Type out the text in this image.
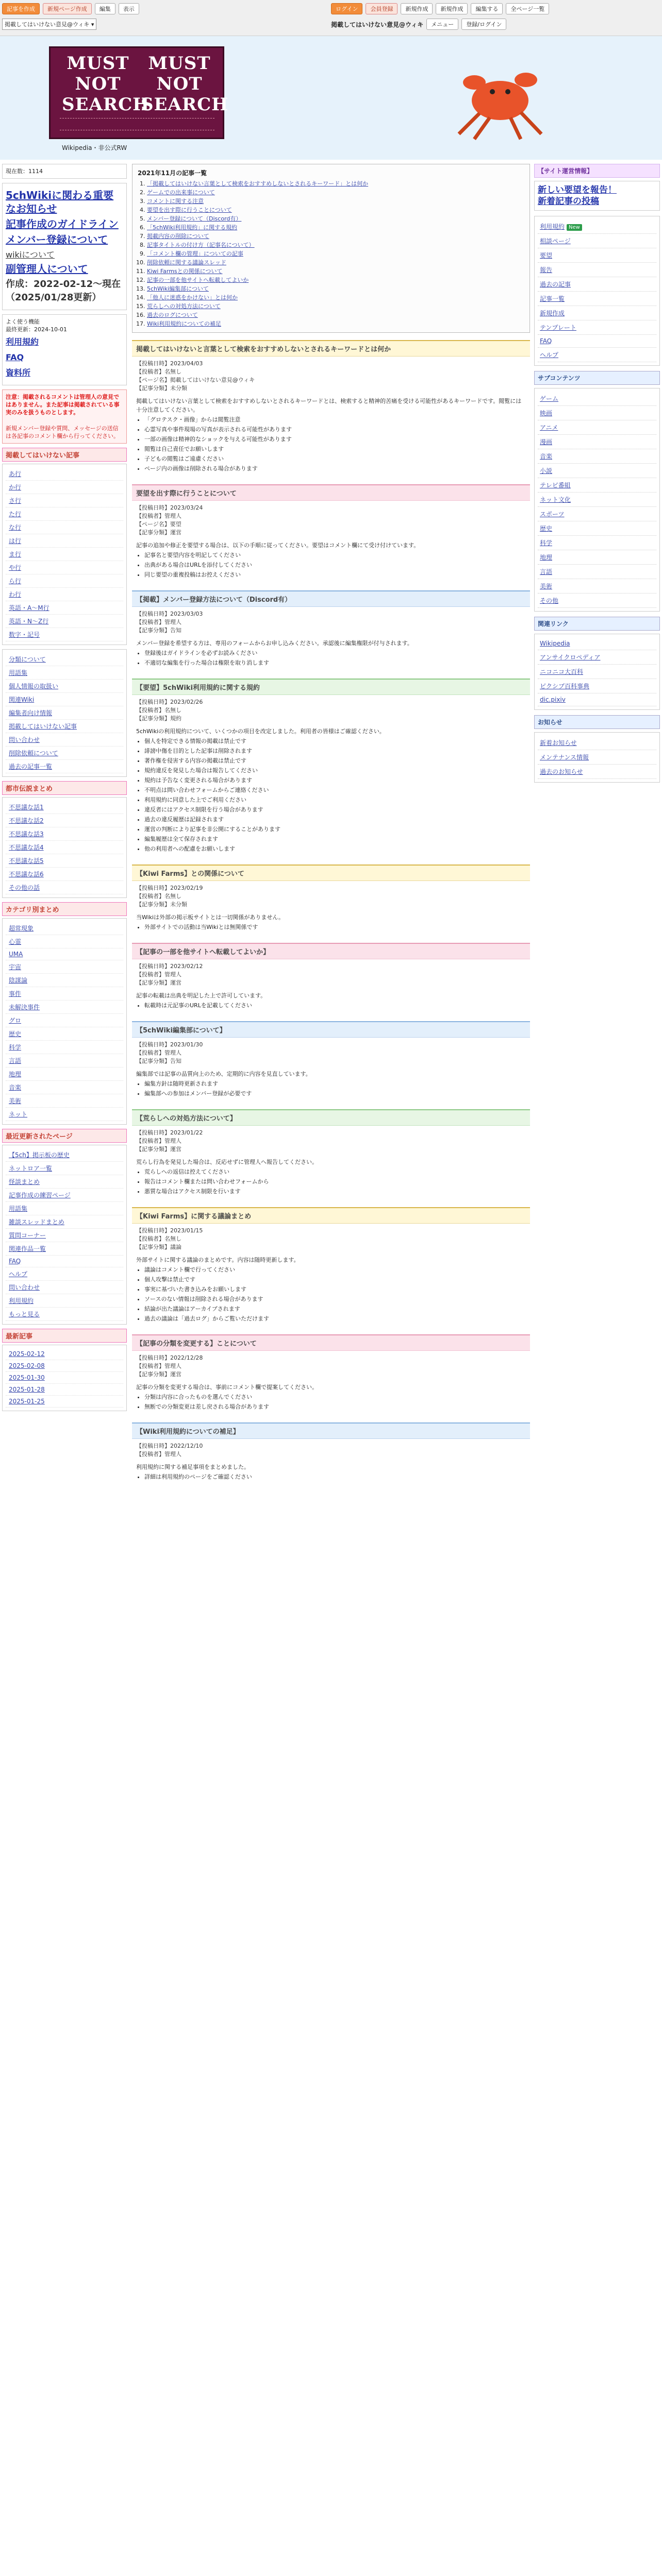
記事を作成	新規ページ作成	編集	表示
掲載してはいけない意見@ウィキ ▾
ログイン	会員登録	新規作成	新規作成	編集する	全ページ一覧
掲載してはいけない意見@ウィキ	メニュー	登録/ログイン
MUST NOT SEARCH
MUST NOT SEARCH
Wikipedia・非公式RW
現在数：1114
5chWikiに関わる重要なお知らせ
記事作成のガイドライン
メンバー登録について
wikiについて
副管理人について
作成：2022-02-12〜現在（2025/01/28更新）
よく使う機能
最終更新：2024-10-01
利用規約
FAQ
資料所
注意：掲載されるコメントは管理人の意見ではありません。また記事は掲載されている事実のみを扱うものとします。
新規メンバー登録や質問、メッセージの送信は各記事のコメント欄から行ってください。
掲載してはいけない記事
あ行
か行
さ行
た行
な行
は行
ま行
や行
ら行
わ行
英語・A〜M行
英語・N〜Z行
数字・記号
分類について
用語集
個人情報の取扱い
関連Wiki
編集者向け情報
掲載してはいけない記事
問い合わせ
削除依頼について
過去の記事一覧
都市伝説まとめ
不思議な話1
不思議な話2
不思議な話3
不思議な話4
不思議な話5
不思議な話6
その他の話
カテゴリ別まとめ
超常現象
心霊
UMA
宇宙
陰謀論
事件
未解決事件
グロ
歴史
科学
言語
地理
音楽
美術
ネット
最近更新されたページ
【5ch】掲示板の歴史
ネットロア一覧
怪談まとめ
記事作成の練習ページ
用語集
雑談スレッドまとめ
質問コーナー
関連作品一覧
FAQ
ヘルプ
問い合わせ
利用規約
もっと見る
最新記事
2025-02-12
2025-02-08
2025-01-30
2025-01-28
2025-01-25
2021年11月の記事一覧
1. 「掲載してはいけない言葉として検索をおすすめしないとされるキーワード」とは何か
2. ゲームでの出来事について
3. コメントに関する注意
4. 要望を出す際に行うことについて
5. メンバー登録について（Discord有）
6. 「5chWiki利用規約」に関する規約
7. 掲載内容の削除について
8. 記事タイトルの付け方（記事名について）
9. 「コメント欄の管理」についての記事
10. 削除依頼に関する議論スレッド
11. Kiwi Farmsとの関係について
12. 記事の一部を他サイトへ転載してよいか
13. 5chWiki編集部について
14. 「他人に迷惑をかけない」とは何か
15. 荒らしへの対処方法について
16. 過去のログについて
17. Wiki利用規約についての補足
掲載してはいけないと言葉として検索をおすすめしないとされるキーワードとは何か
【投稿日時】2023/04/03
【投稿者】名無し
【ページ名】掲載してはいけない意見@ウィキ
【記事分類】未分類

掲載してはいけない言葉として検索をおすすめしないとされるキーワードとは、検索すると精神的苦痛を受ける可能性があるキーワードです。閲覧には十分注意してください。

• 「グロテスク・画像」からは閲覧注意
• 心霊写真や事件現場の写真が表示される可能性があります
• 一部の画像は精神的なショックを与える可能性があります
• 閲覧は自己責任でお願いします
• 子どもの閲覧はご遠慮ください
• ページ内の画像は削除される場合があります
要望を出す際に行うことについて
【投稿日時】2023/03/24
【投稿者】管理人
【ページ名】要望
【記事分類】運営

記事の追加や修正を要望する場合は、以下の手順に従ってください。要望はコメント欄にて受け付けています。

• 記事名と要望内容を明記してください
• 出典がある場合はURLを添付してください
• 同じ要望の重複投稿はお控えください
【掲載】メンバー登録方法について（Discord有）
【投稿日時】2023/03/03
【投稿者】管理人
【記事分類】告知

メンバー登録を希望する方は、専用のフォームからお申し込みください。承認後に編集権限が付与されます。

• 登録後はガイドラインを必ずお読みください
• 不適切な編集を行った場合は権限を取り消します
【要望】5chWiki利用規約に関する規約
【投稿日時】2023/02/26
【投稿者】名無し
【記事分類】規約

5chWikiの利用規約について、いくつかの項目を改定しました。利用者の皆様はご確認ください。

• 個人を特定できる情報の掲載は禁止です
• 誹謗中傷を目的とした記事は削除されます
• 著作権を侵害する内容の掲載は禁止です
• 規約違反を発見した場合は報告してください
• 規約は予告なく変更される場合があります
• 不明点は問い合わせフォームからご連絡ください
• 利用規約に同意した上でご利用ください
• 違反者にはアクセス制限を行う場合があります
• 過去の違反履歴は記録されます
• 運営の判断により記事を非公開にすることがあります
• 編集履歴は全て保存されます
• 他の利用者への配慮をお願いします
【Kiwi Farms】との関係について
【投稿日時】2023/02/19
【投稿者】名無し
【記事分類】未分類

当Wikiは外部の掲示板サイトとは一切関係がありません。

• 外部サイトでの活動は当Wikiとは無関係です
【記事の一部を他サイトへ転載してよいか】
【投稿日時】2023/02/12
【投稿者】管理人
【記事分類】運営

記事の転載は出典を明記した上で許可しています。

• 転載時は元記事のURLを記載してください
【5chWiki編集部について】
【投稿日時】2023/01/30
【投稿者】管理人
【記事分類】告知

編集部では記事の品質向上のため、定期的に内容を見直しています。

• 編集方針は随時更新されます
• 編集部への参加はメンバー登録が必要です
【荒らしへの対処方法について】
【投稿日時】2023/01/22
【投稿者】管理人
【記事分類】運営

荒らし行為を発見した場合は、反応せずに管理人へ報告してください。

• 荒らしへの返信は控えてください
• 報告はコメント欄または問い合わせフォームから
• 悪質な場合はアクセス制限を行います
【Kiwi Farms】に関する議論まとめ
【投稿日時】2023/01/15
【投稿者】名無し
【記事分類】議論

外部サイトに関する議論のまとめです。内容は随時更新します。

• 議論はコメント欄で行ってください
• 個人攻撃は禁止です
• 事実に基づいた書き込みをお願いします
• ソースのない情報は削除される場合があります
• 結論が出た議論はアーカイブされます
• 過去の議論は「過去ログ」からご覧いただけます
【記事の分類を変更する】ことについて
【投稿日時】2022/12/28
【投稿者】管理人
【記事分類】運営

記事の分類を変更する場合は、事前にコメント欄で提案してください。

• 分類は内容に合ったものを選んでください
• 無断での分類変更は差し戻される場合があります
【Wiki利用規約についての補足】
【投稿日時】2022/12/10
【投稿者】管理人

利用規約に関する補足事項をまとめました。

• 詳細は利用規約のページをご確認ください
【サイト運営情報】
新しい要望を報告！
新着記事の投稿
利用規約 New
相談ページ
要望
報告
過去の記事
記事一覧
新規作成
テンプレート
FAQ
ヘルプ
サブコンテンツ
ゲーム
映画
アニメ
漫画
音楽
小説
テレビ番組
ネット文化
スポーツ
歴史
科学
地理
言語
美術
その他
関連リンク
Wikipedia
アンサイクロペディア
ニコニコ大百科
ピクシブ百科事典
dic.pixiv
お知らせ
新着お知らせ
メンテナンス情報
過去のお知らせ
